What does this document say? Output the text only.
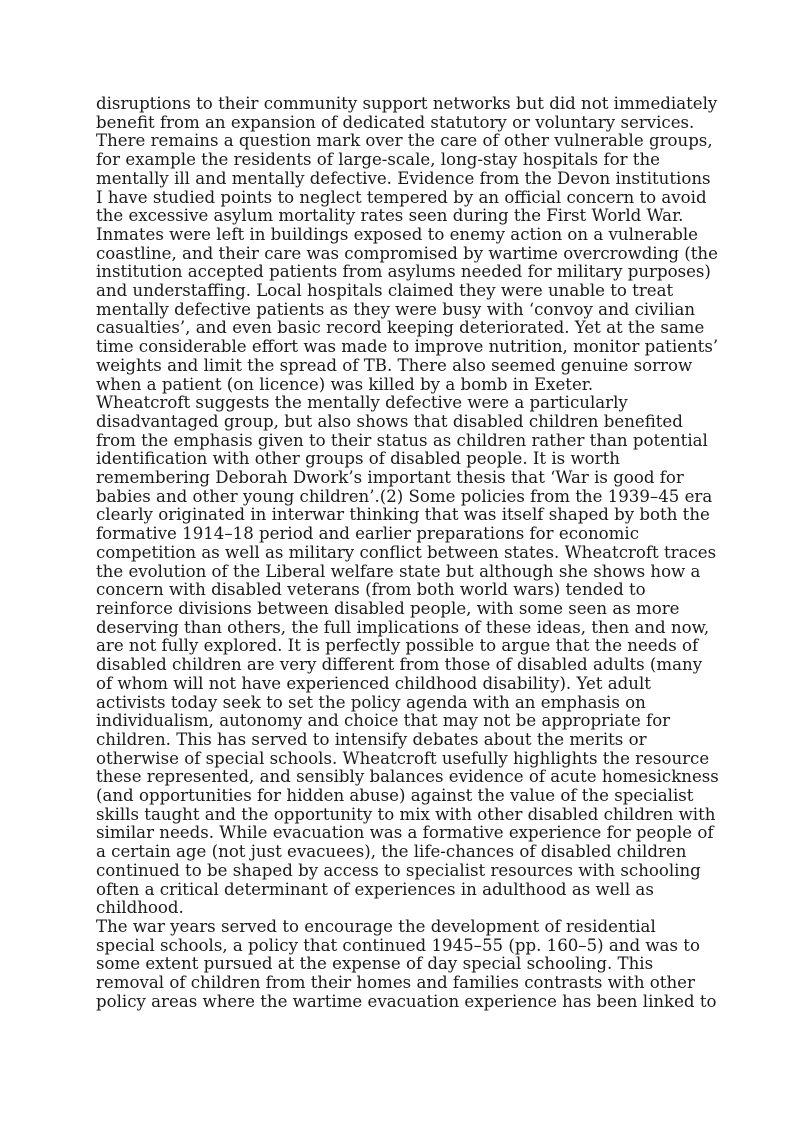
disruptions to their community support networks but did not immediately
benefit from an expansion of dedicated statutory or voluntary services.
There remains a question mark over the care of other vulnerable groups,
for example the residents of large-scale, long-stay hospitals for the
mentally ill and mentally defective. Evidence from the Devon institutions
I have studied points to neglect tempered by an official concern to avoid
the excessive asylum mortality rates seen during the First World War.
Inmates were left in buildings exposed to enemy action on a vulnerable
coastline, and their care was compromised by wartime overcrowding (the
institution accepted patients from asylums needed for military purposes)
and understaffing. Local hospitals claimed they were unable to treat
mentally defective patients as they were busy with ‘convoy and civilian
casualties’, and even basic record keeping deteriorated. Yet at the same
time considerable effort was made to improve nutrition, monitor patients’
weights and limit the spread of TB. There also seemed genuine sorrow
when a patient (on licence) was killed by a bomb in Exeter.
Wheatcroft suggests the mentally defective were a particularly
disadvantaged group, but also shows that disabled children benefited
from the emphasis given to their status as children rather than potential
identification with other groups of disabled people. It is worth
remembering Deborah Dwork’s important thesis that ‘War is good for
babies and other young children’.(2) Some policies from the 1939–45 era
clearly originated in interwar thinking that was itself shaped by both the
formative 1914–18 period and earlier preparations for economic
competition as well as military conflict between states. Wheatcroft traces
the evolution of the Liberal welfare state but although she shows how a
concern with disabled veterans (from both world wars) tended to
reinforce divisions between disabled people, with some seen as more
deserving than others, the full implications of these ideas, then and now,
are not fully explored. It is perfectly possible to argue that the needs of
disabled children are very different from those of disabled adults (many
of whom will not have experienced childhood disability). Yet adult
activists today seek to set the policy agenda with an emphasis on
individualism, autonomy and choice that may not be appropriate for
children. This has served to intensify debates about the merits or
otherwise of special schools. Wheatcroft usefully highlights the resource
these represented, and sensibly balances evidence of acute homesickness
(and opportunities for hidden abuse) against the value of the specialist
skills taught and the opportunity to mix with other disabled children with
similar needs. While evacuation was a formative experience for people of
a certain age (not just evacuees), the life-chances of disabled children
continued to be shaped by access to specialist resources with schooling
often a critical determinant of experiences in adulthood as well as
childhood.
The war years served to encourage the development of residential
special schools, a policy that continued 1945–55 (pp. 160–5) and was to
some extent pursued at the expense of day special schooling. This
removal of children from their homes and families contrasts with other
policy areas where the wartime evacuation experience has been linked to
